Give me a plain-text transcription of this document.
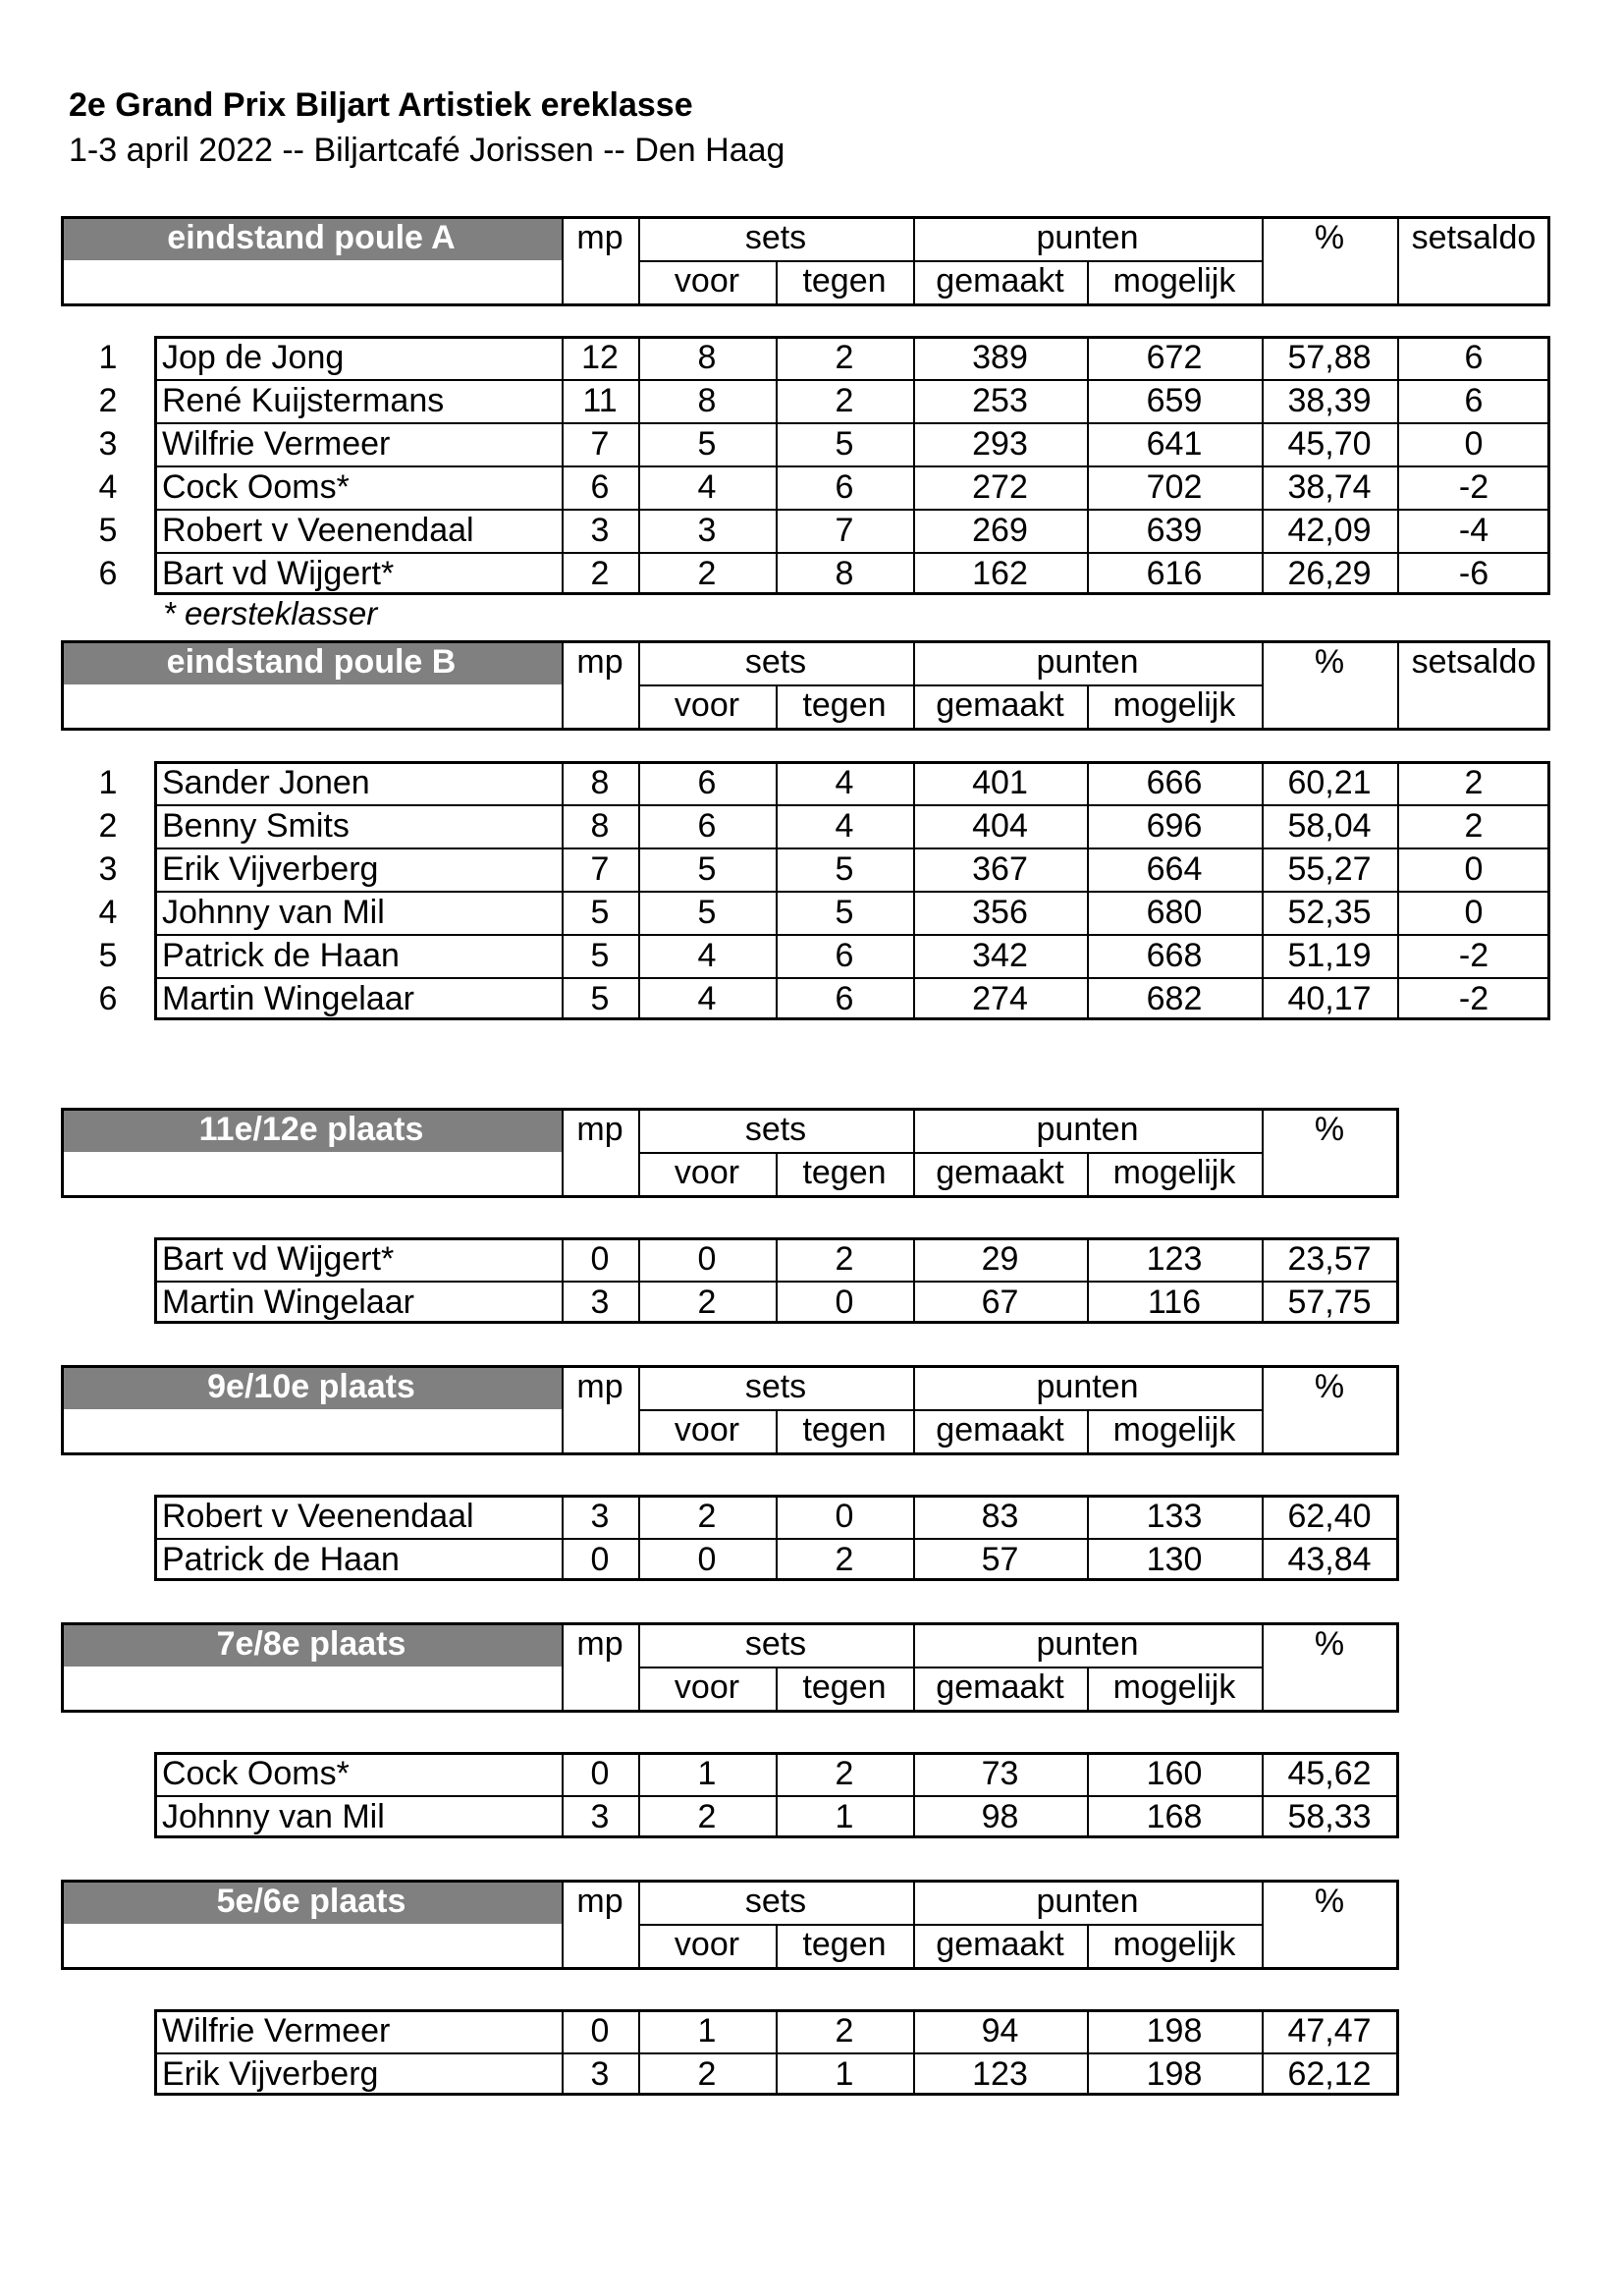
2e Grand Prix Biljart Artistiek ereklasse
1-3 april 2022 -- Biljartcafé Jorissen -- Den Haag
eindstand poule A	mp	sets	punten	%	setsaldo
voor	tegen	gemaakt	mogelijk
1	Jop de Jong	12	8	2	389	672	57,88	6
2	René Kuijstermans	11	8	2	253	659	38,39	6
3	Wilfrie Vermeer	7	5	5	293	641	45,70	0
4	Cock Ooms*	6	4	6	272	702	38,74	-2
5	Robert v Veenendaal	3	3	7	269	639	42,09	-4
6	Bart vd Wijgert*	2	2	8	162	616	26,29	-6
* eersteklasser
eindstand poule B	mp	sets	punten	%	setsaldo
voor	tegen	gemaakt	mogelijk
1	Sander Jonen	8	6	4	401	666	60,21	2
2	Benny Smits	8	6	4	404	696	58,04	2
3	Erik Vijverberg	7	5	5	367	664	55,27	0
4	Johnny van Mil	5	5	5	356	680	52,35	0
5	Patrick de Haan	5	4	6	342	668	51,19	-2
6	Martin Wingelaar	5	4	6	274	682	40,17	-2
11e/12e plaats	mp	sets	punten	%
voor	tegen	gemaakt	mogelijk
Bart vd Wijgert*	0	0	2	29	123	23,57
Martin Wingelaar	3	2	0	67	116	57,75
9e/10e plaats	mp	sets	punten	%
voor	tegen	gemaakt	mogelijk
Robert v Veenendaal	3	2	0	83	133	62,40
Patrick de Haan	0	0	2	57	130	43,84
7e/8e plaats	mp	sets	punten	%
voor	tegen	gemaakt	mogelijk
Cock Ooms*	0	1	2	73	160	45,62
Johnny van Mil	3	2	1	98	168	58,33
5e/6e plaats	mp	sets	punten	%
voor	tegen	gemaakt	mogelijk
Wilfrie Vermeer	0	1	2	94	198	47,47
Erik Vijverberg	3	2	1	123	198	62,12
